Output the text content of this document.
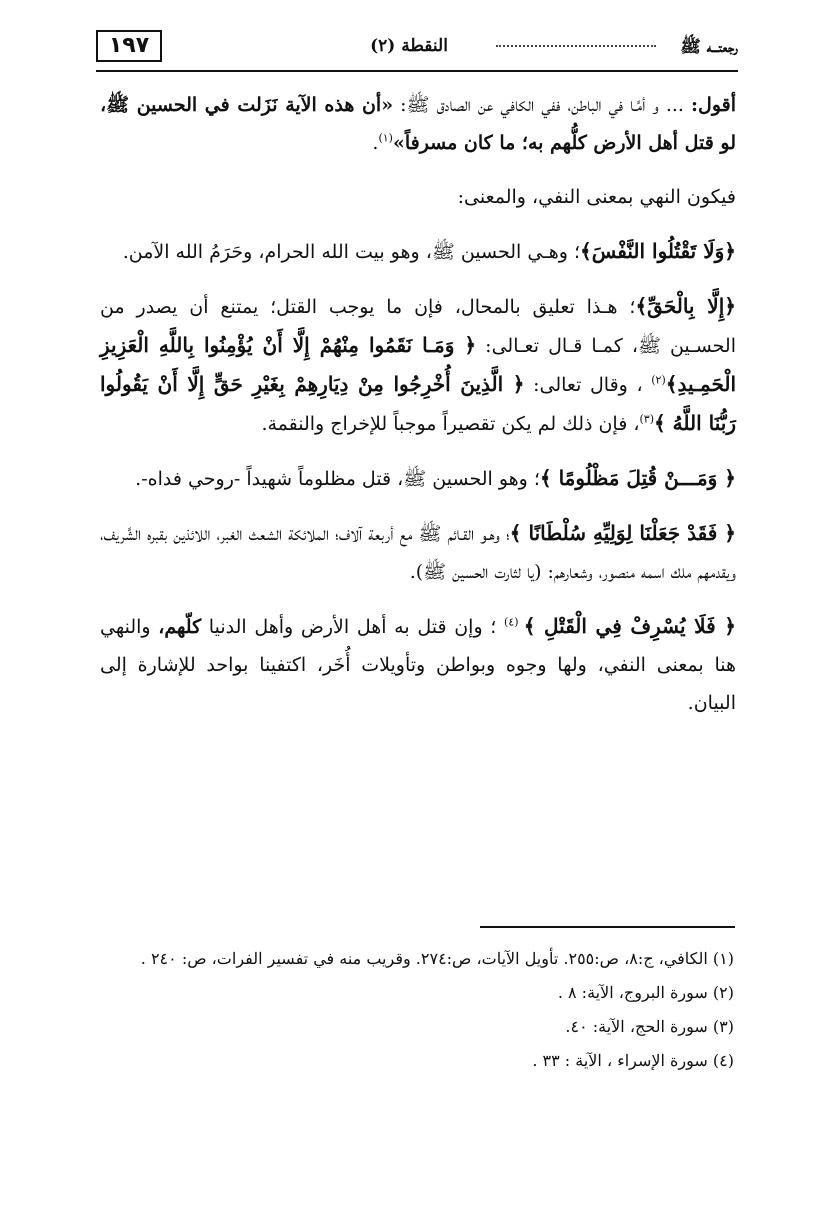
١٩٧	النقطة (٢)	رجعتـــه ﷺ

أقول: ... و أمَّـا في الباطن، ففي الكافي عن الصادق ﷺ: «أن هذه الآية نَزَلت في الحسين ﷺ، لو قتل أهل الأرض كلُّهم به؛ ما كان مسرفاً»$^{(١)}$.

فيكون النهي بمعنى النفي، والمعنى:

﴿وَلَا تَقْتُلُوا النَّفْسَ﴾؛ وهـي الحسين ﷺ، وهو بيت الله الحرام، وحَرَمُ الله الآمن.

﴿إِلَّا بِالْحَقِّ﴾؛ هـذا تعليق بالمحال، فإن ما يوجب القتل؛ يمتنع أن يصدر من الحسـين ﷺ، كمـا قـال تعـالى: ﴿ وَمَـا نَقَمُوا مِنْهُمْ إِلَّا أَنْ يُؤْمِنُوا بِاللَّهِ الْعَزِيزِ الْحَمِـيدِ﴾$^{(٢)}$ ، وقال تعالى: ﴿ الَّذِينَ أُخْرِجُوا مِنْ دِيَارِهِمْ بِغَيْرِ حَقٍّ إِلَّا أَنْ يَقُولُوا رَبُّنَا اللَّهُ ﴾$^{(٣)}$، فإن ذلك لم يكن تقصيراً موجباً للإخراج والنقمة.

﴿ وَمَـــنْ قُتِلَ مَظْلُومًا ﴾؛ وهو الحسين ﷺ، قتل مظلوماً شهيداً -روحي فداه-.

﴿ فَقَدْ جَعَلْنَا لِوَلِيِّهِ سُلْطَانًا ﴾؛ وهـو القـائم ﷺ مع أربعة آلاف؛ الملائكة الشعث الغبر، اللائذين بقبره الشَّريف، ويقدمهم ملك اسمه منصور، وشعارهم: (يا لثارت الحسين ﷺ).

﴿ فَلَا يُسْرِفْ فِي الْقَتْلِ ﴾ $^{(٤)}$ ؛ وإن قتل به أهل الأرض وأهل الدنيا كلّهم، والنهي هنا بمعنى النفي، ولها وجوه وبواطن وتأويلات أُخَر، اكتفينا بواحد للإشارة إلى البيان.

(١) الكافي، ج:٨، ص:٢٥٥. تأويل الآيات، ص:٢٧٤. وقريب منه في تفسير الفرات، ص: ٢٤٠ .
(٢) سورة البروج، الآية: ٨ .
(٣) سورة الحج، الآية: ٤٠.
(٤) سورة الإسراء ، الآية : ٣٣ .
